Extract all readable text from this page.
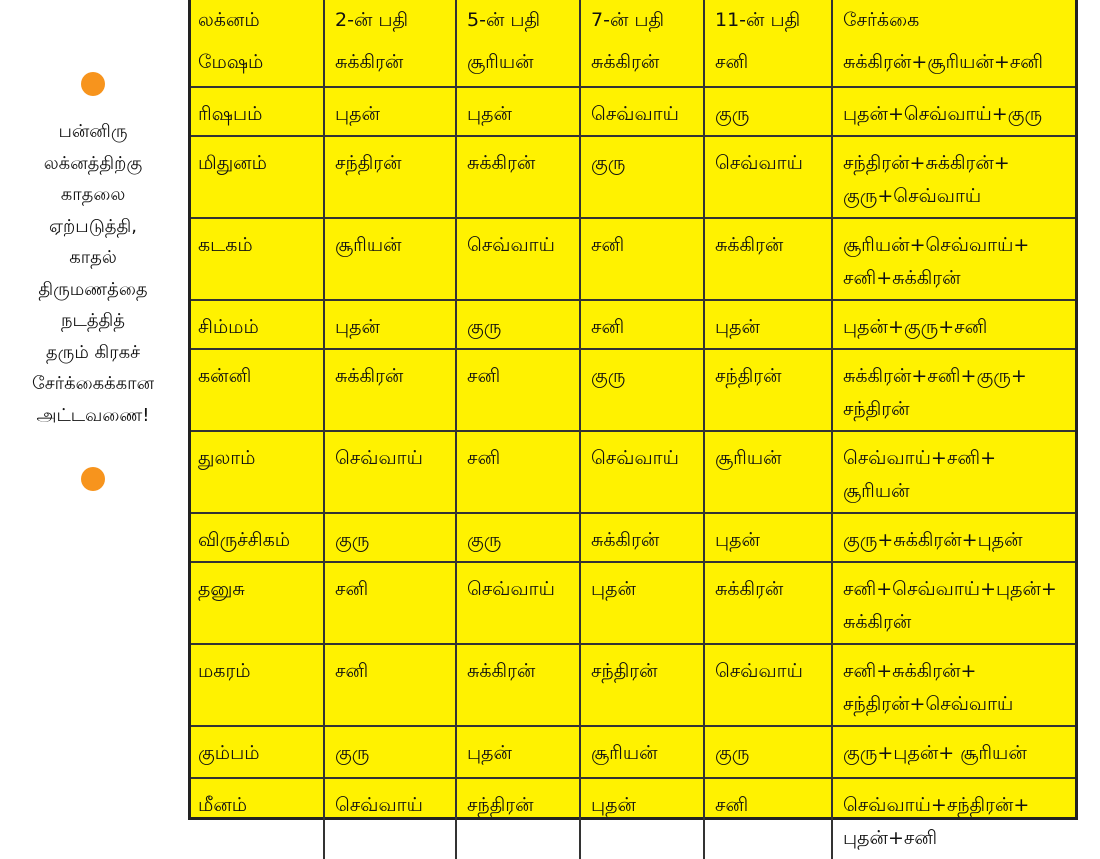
பன்னிரு
லக்னத்திற்கு
காதலை
ஏற்படுத்தி,
காதல்
திருமணத்தை
நடத்தித்
தரும் கிரகச்
சேர்க்கைக்கான
அட்டவணை!
லக்னம்	2-ன் பதி	5-ன் பதி	7-ன் பதி	11-ன் பதி	சேர்க்கை
மேஷம்	சுக்கிரன்	சூரியன்	சுக்கிரன்	சனி	சுக்கிரன்+சூரியன்+சனி
ரிஷபம்	புதன்	புதன்	செவ்வாய்	குரு	புதன்+செவ்வாய்+குரு
மிதுனம்	சந்திரன்	சுக்கிரன்	குரு	செவ்வாய்	சந்திரன்+சுக்கிரன்+
குரு+செவ்வாய்
கடகம்	சூரியன்	செவ்வாய்	சனி	சுக்கிரன்	சூரியன்+செவ்வாய்+
சனி+சுக்கிரன்
சிம்மம்	புதன்	குரு	சனி	புதன்	புதன்+குரு+சனி
கன்னி	சுக்கிரன்	சனி	குரு	சந்திரன்	சுக்கிரன்+சனி+குரு+
சந்திரன்
துலாம்	செவ்வாய்	சனி	செவ்வாய்	சூரியன்	செவ்வாய்+சனி+
சூரியன்
விருச்சிகம்	குரு	குரு	சுக்கிரன்	புதன்	குரு+சுக்கிரன்+புதன்
தனுசு	சனி	செவ்வாய்	புதன்	சுக்கிரன்	சனி+செவ்வாய்+புதன்+
சுக்கிரன்
மகரம்	சனி	சுக்கிரன்	சந்திரன்	செவ்வாய்	சனி+சுக்கிரன்+
சந்திரன்+செவ்வாய்
கும்பம்	குரு	புதன்	சூரியன்	குரு	குரு+புதன்+ சூரியன்
மீனம்	செவ்வாய்	சந்திரன்	புதன்	சனி	செவ்வாய்+சந்திரன்+
புதன்+சனி
